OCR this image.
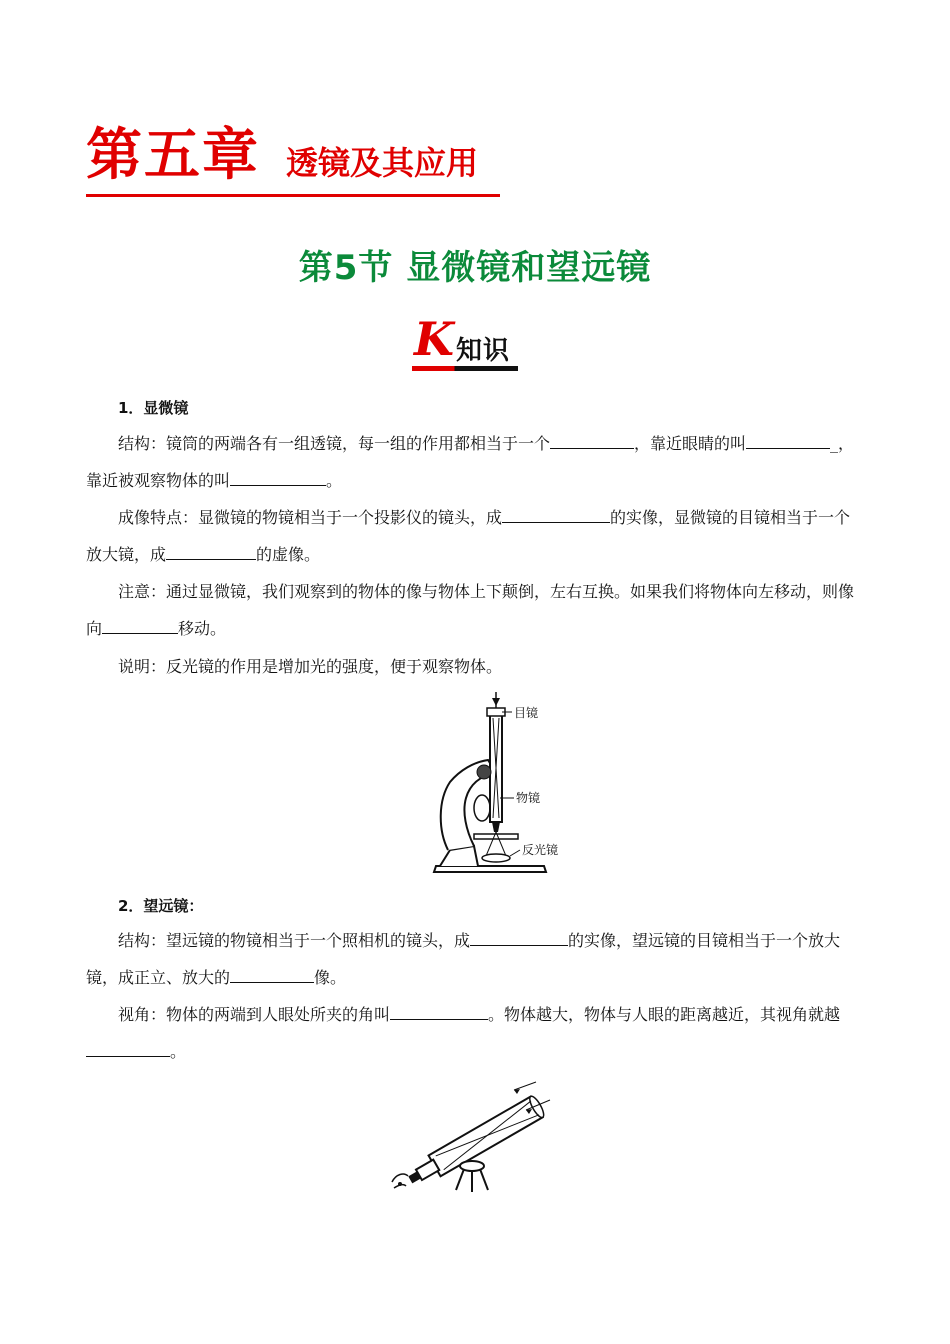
第五章 透镜及其应用
第5节 显微镜和望远镜
K 知识
1．显微镜
结构：镜筒的两端各有一组透镜，每一组的作用都相当于一个	，靠近眼睛的叫	_，靠近被观察物体的叫	。
成像特点：显微镜的物镜相当于一个投影仪的镜头，成	的实像，显微镜的目镜相当于一个放大镜，成	的虚像。
注意：通过显微镜，我们观察到的物体的像与物体上下颠倒，左右互换。如果我们将物体向左移动，则像向	移动。
说明：反光镜的作用是增加光的强度，便于观察物体。
目镜
物镜
反光镜
2．望远镜：
结构：望远镜的物镜相当于一个照相机的镜头，成	的实像，望远镜的目镜相当于一个放大镜，成正立、放大的	像。
视角：物体的两端到人眼处所夹的角叫	。物体越大，物体与人眼的距离越近，其视角就越。
